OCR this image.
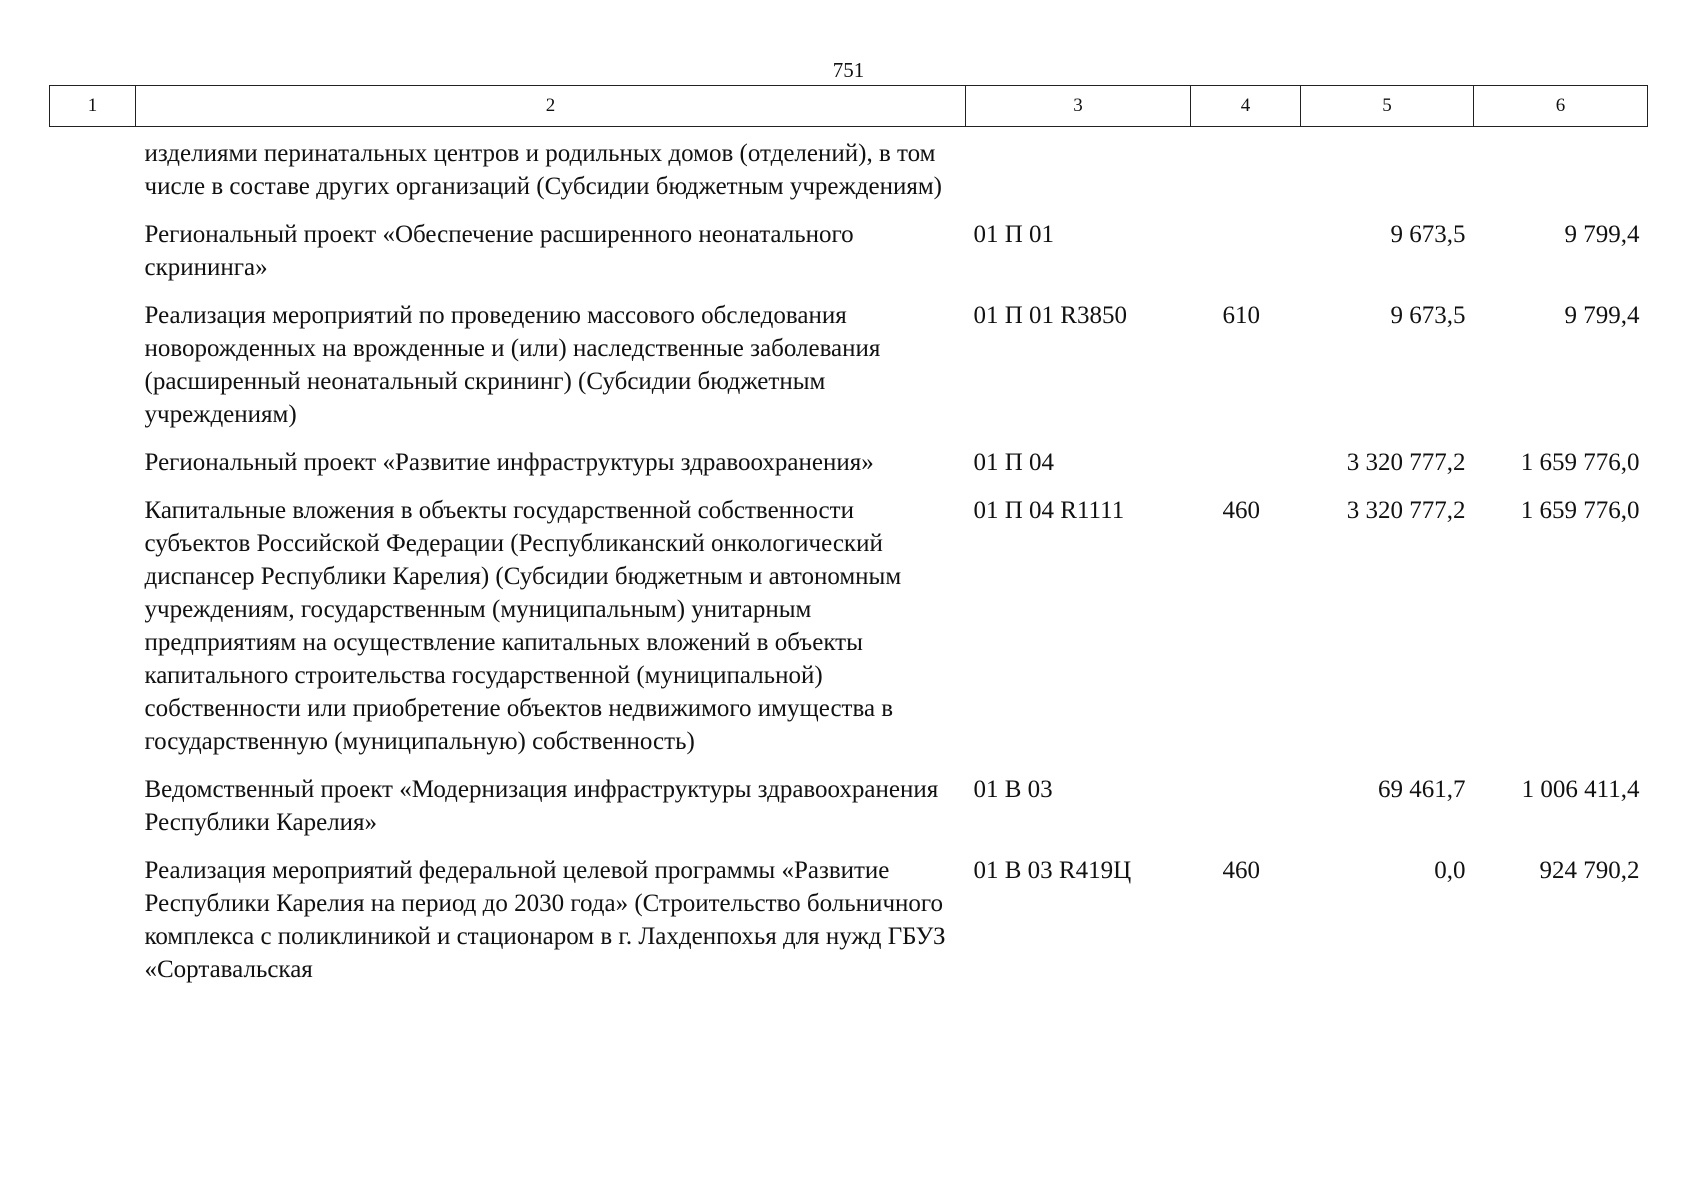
751
1	2	3	4	5	6
	изделиями перинатальных центров и родильных домов (отделений), в том числе в составе других организаций (Субсидии бюджетным учреждениям)				
	Региональный проект «Обеспечение расширенного неонатального скрининга»	01 П 01		9 673,5	9 799,4
	Реализация мероприятий по проведению массового обследования новорожденных на врожденные и (или) наследственные заболевания (расширенный неонатальный скрининг) (Субсидии бюджетным учреждениям)	01 П 01 R3850	610	9 673,5	9 799,4
	Региональный проект «Развитие инфраструктуры здравоохранения»	01 П 04		3 320 777,2	1 659 776,0
	Капитальные вложения в объекты государственной собственности субъектов Российской Федерации (Республиканский онкологический диспансер Республики Карелия) (Субсидии бюджетным и автономным учреждениям, государственным (муниципальным) унитарным предприятиям на осуществление капитальных вложений в объекты капитального строительства государственной (муниципальной) собственности или приобретение объектов недвижимого имущества в государственную (муниципальную) собственность)	01 П 04 R1111	460	3 320 777,2	1 659 776,0
	Ведомственный проект «Модернизация инфраструктуры здравоохранения Республики Карелия»	01 В 03		69 461,7	1 006 411,4
	Реализация мероприятий федеральной целевой программы «Развитие Республики Карелия на период до 2030 года» (Строительство больничного комплекса с поликлиникой и стационаром в г. Лахденпохья для нужд ГБУЗ «Сортавальская	01 В 03 R419Ц	460	0,0	924 790,2
